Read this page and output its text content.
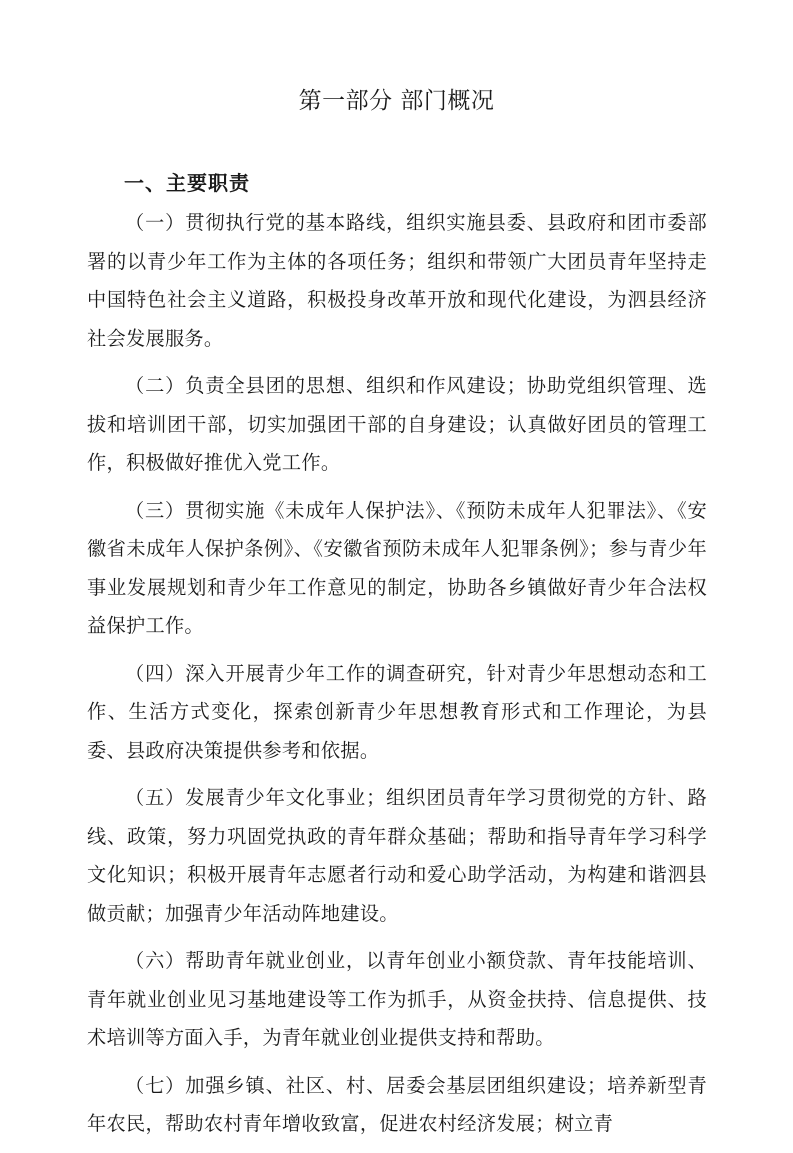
第一部分 部门概况
一、主要职责

（一）贯彻执行党的基本路线，组织实施县委、县政府和团市委部署的以青少年工作为主体的各项任务；组织和带领广大团员青年坚持走中国特色社会主义道路，积极投身改革开放和现代化建设，为泗县经济社会发展服务。

（二）负责全县团的思想、组织和作风建设；协助党组织管理、选拔和培训团干部，切实加强团干部的自身建设；认真做好团员的管理工作，积极做好推优入党工作。

（三）贯彻实施《未成年人保护法》、《预防未成年人犯罪法》、《安徽省未成年人保护条例》、《安徽省预防未成年人犯罪条例》；参与青少年事业发展规划和青少年工作意见的制定，协助各乡镇做好青少年合法权益保护工作。

（四）深入开展青少年工作的调查研究，针对青少年思想动态和工作、生活方式变化，探索创新青少年思想教育形式和工作理论，为县委、县政府决策提供参考和依据。

（五）发展青少年文化事业；组织团员青年学习贯彻党的方针、路线、政策，努力巩固党执政的青年群众基础；帮助和指导青年学习科学文化知识；积极开展青年志愿者行动和爱心助学活动，为构建和谐泗县做贡献；加强青少年活动阵地建设。

（六）帮助青年就业创业，以青年创业小额贷款、青年技能培训、青年就业创业见习基地建设等工作为抓手，从资金扶持、信息提供、技术培训等方面入手，为青年就业创业提供支持和帮助。

（七）加强乡镇、社区、村、居委会基层团组织建设；培养新型青年农民，帮助农村青年增收致富，促进农村经济发展；树立青
